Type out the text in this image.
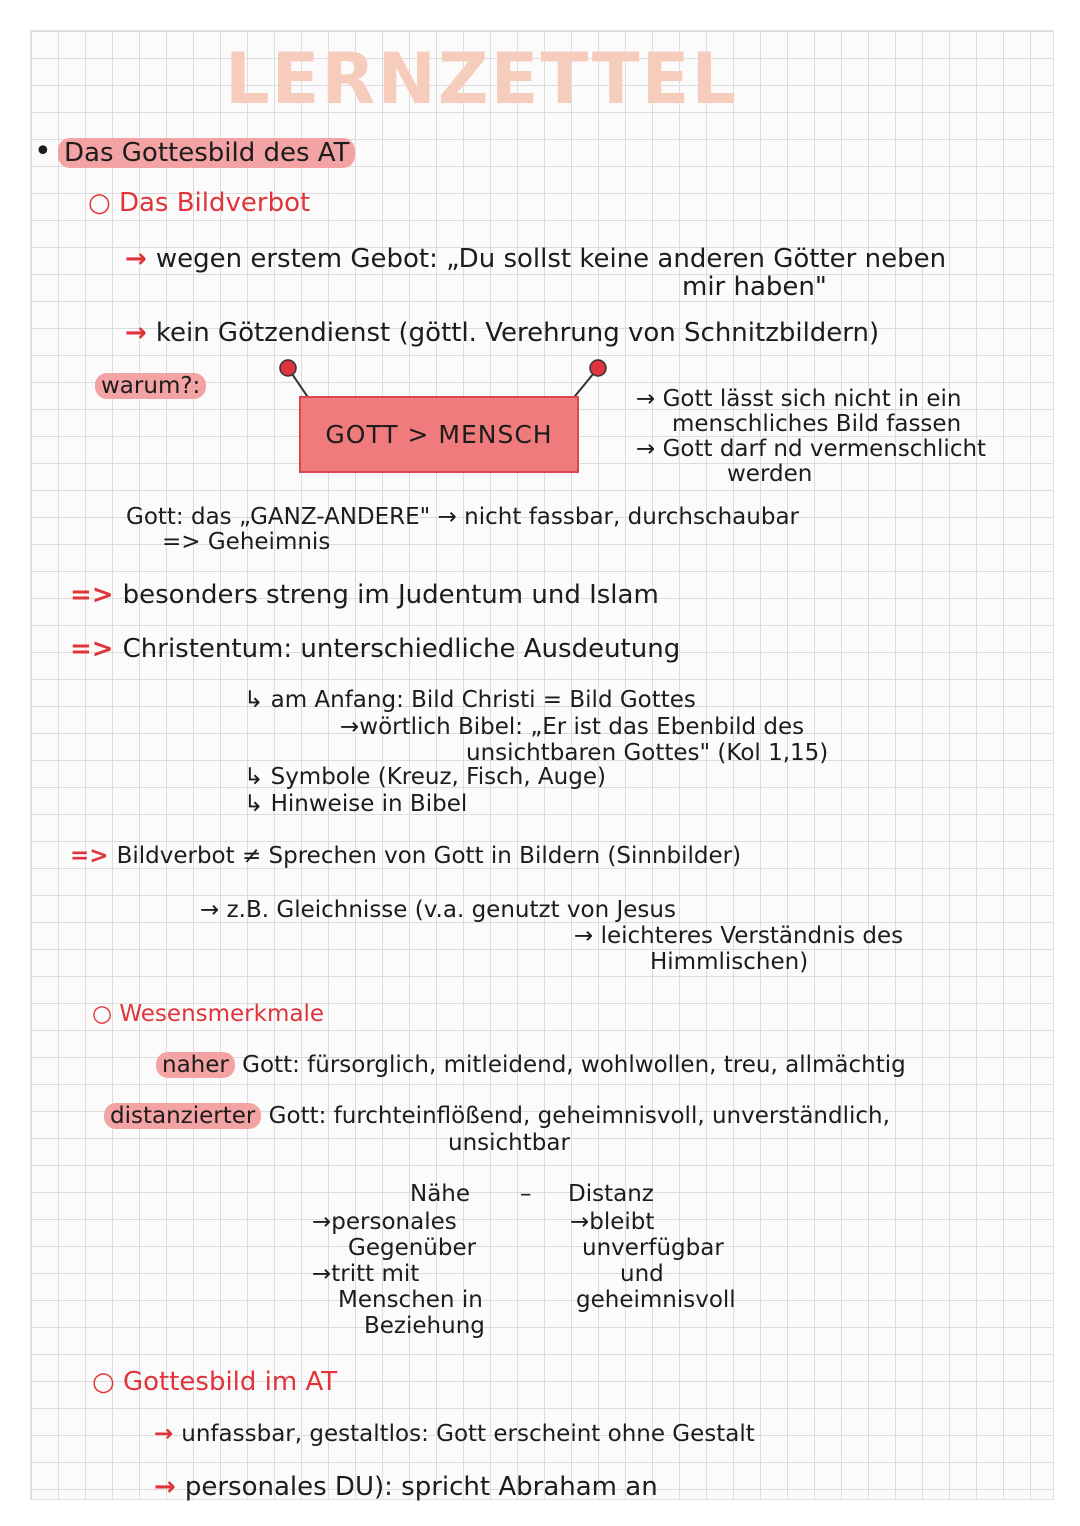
LERNZETTEL
• Das Gottesbild des AT
○ Das Bildverbot
→ wegen erstem Gebot: „Du sollst keine anderen Götter neben
mir haben"
→ kein Götzendienst (göttl. Verehrung von Schnitzbildern)
warum?:
GOTT > MENSCH
→ Gott lässt sich nicht in ein
menschliches Bild fassen
→ Gott darf nd vermenschlicht
werden
Gott: das „GANZ-ANDERE" → nicht fassbar, durchschaubar
=> Geheimnis
=> besonders streng im Judentum und Islam
=> Christentum: unterschiedliche Ausdeutung
↳ am Anfang: Bild Christi = Bild Gottes
→wörtlich Bibel: „Er ist das Ebenbild des
unsichtbaren Gottes" (Kol 1,15)
↳ Symbole (Kreuz, Fisch, Auge)
↳ Hinweise in Bibel
=> Bildverbot ≠ Sprechen von Gott in Bildern (Sinnbilder)
→ z.B. Gleichnisse (v.a. genutzt von Jesus
→ leichteres Verständnis des
Himmlischen)
○ Wesensmerkmale
naher Gott: fürsorglich, mitleidend, wohlwollen, treu, allmächtig
distanzierter Gott: furchteinflößend, geheimnisvoll, unverständlich,
unsichtbar
Nähe – Distanz
→personales
Gegenüber
→tritt mit
Menschen in
Beziehung
→bleibt
unverfügbar
und
geheimnisvoll
○ Gottesbild im AT
→ unfassbar, gestaltlos: Gott erscheint ohne Gestalt
→ personales DU): spricht Abraham an
